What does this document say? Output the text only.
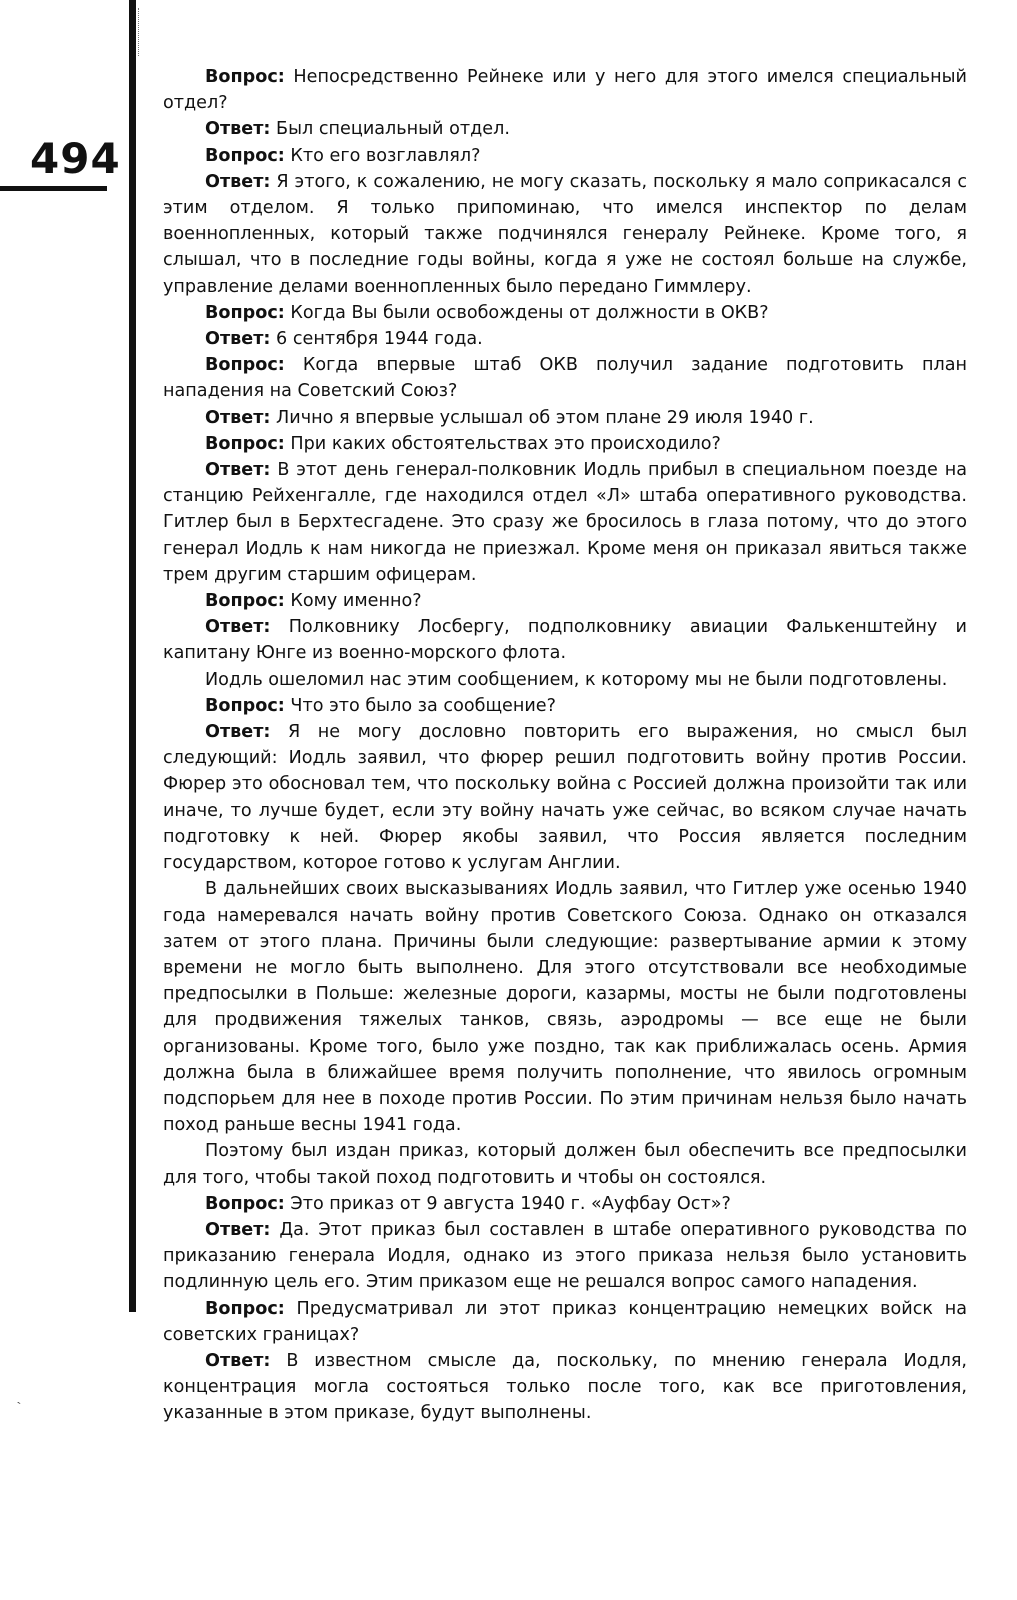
494
`

Вопрос: Непосредственно Рейнеке или у него для этого имелся специальный отдел?

Ответ: Был специальный отдел.

Вопрос: Кто его возглавлял?

Ответ: Я этого, к сожалению, не могу сказать, поскольку я мало соприкасался с этим отделом. Я только припоминаю, что имелся инспектор по делам военнопленных, который также подчинялся генералу Рейнеке. Кроме того, я слышал, что в последние годы войны, когда я уже не состоял больше на службе, управление делами военнопленных было передано Гиммлеру.

Вопрос: Когда Вы были освобождены от должности в ОКВ?

Ответ: 6 сентября 1944 года.

Вопрос: Когда впервые штаб ОКВ получил задание подготовить план нападения на Советский Союз?

Ответ: Лично я впервые услышал об этом плане 29 июля 1940 г.

Вопрос: При каких обстоятельствах это происходило?

Ответ: В этот день генерал-полковник Иодль прибыл в специальном поезде на станцию Рейхенгалле, где находился отдел «Л» штаба оперативного руководства. Гитлер был в Берхтесгадене. Это сразу же бросилось в глаза потому, что до этого генерал Иодль к нам никогда не приезжал. Кроме меня он приказал явиться также трем другим старшим офицерам.

Вопрос: Кому именно?

Ответ: Полковнику Лосбергу, подполковнику авиации Фалькенштейну и капитану Юнге из военно-морского флота.

Иодль ошеломил нас этим сообщением, к которому мы не были подготовлены.

Вопрос: Что это было за сообщение?

Ответ: Я не могу дословно повторить его выражения, но смысл был следующий: Иодль заявил, что фюрер решил подготовить войну против России. Фюрер это обосновал тем, что поскольку война с Россией должна произойти так или иначе, то лучше будет, если эту войну начать уже сейчас, во всяком случае начать подготовку к ней. Фюрер якобы заявил, что Россия является последним государством, которое готово к услугам Англии.

В дальнейших своих высказываниях Иодль заявил, что Гитлер уже осенью 1940 года намеревался начать войну против Советского Союза. Однако он отказался затем от этого плана. Причины были следующие: развертывание армии к этому времени не могло быть выполнено. Для этого отсутствовали все необходимые предпосылки в Польше: железные дороги, казармы, мосты не были подготовлены для продвижения тяжелых танков, связь, аэродромы — все еще не были организованы. Кроме того, было уже поздно, так как приближалась осень. Армия должна была в ближайшее время получить пополнение, что явилось огромным подспорьем для нее в походе против России. По этим причинам нельзя было начать поход раньше весны 1941 года.

Поэтому был издан приказ, который должен был обеспечить все предпосылки для того, чтобы такой поход подготовить и чтобы он состоялся.

Вопрос: Это приказ от 9 августа 1940 г. «Ауфбау Ост»?

Ответ: Да. Этот приказ был составлен в штабе оперативного руководства по приказанию генерала Иодля, однако из этого приказа нельзя было установить подлинную цель его. Этим приказом еще не решался вопрос самого нападения.

Вопрос: Предусматривал ли этот приказ концентрацию немецких войск на советских границах?

Ответ: В известном смысле да, поскольку, по мнению генерала Иодля, концентрация могла состояться только после того, как все приготовления, указанные в этом приказе, будут выполнены.
